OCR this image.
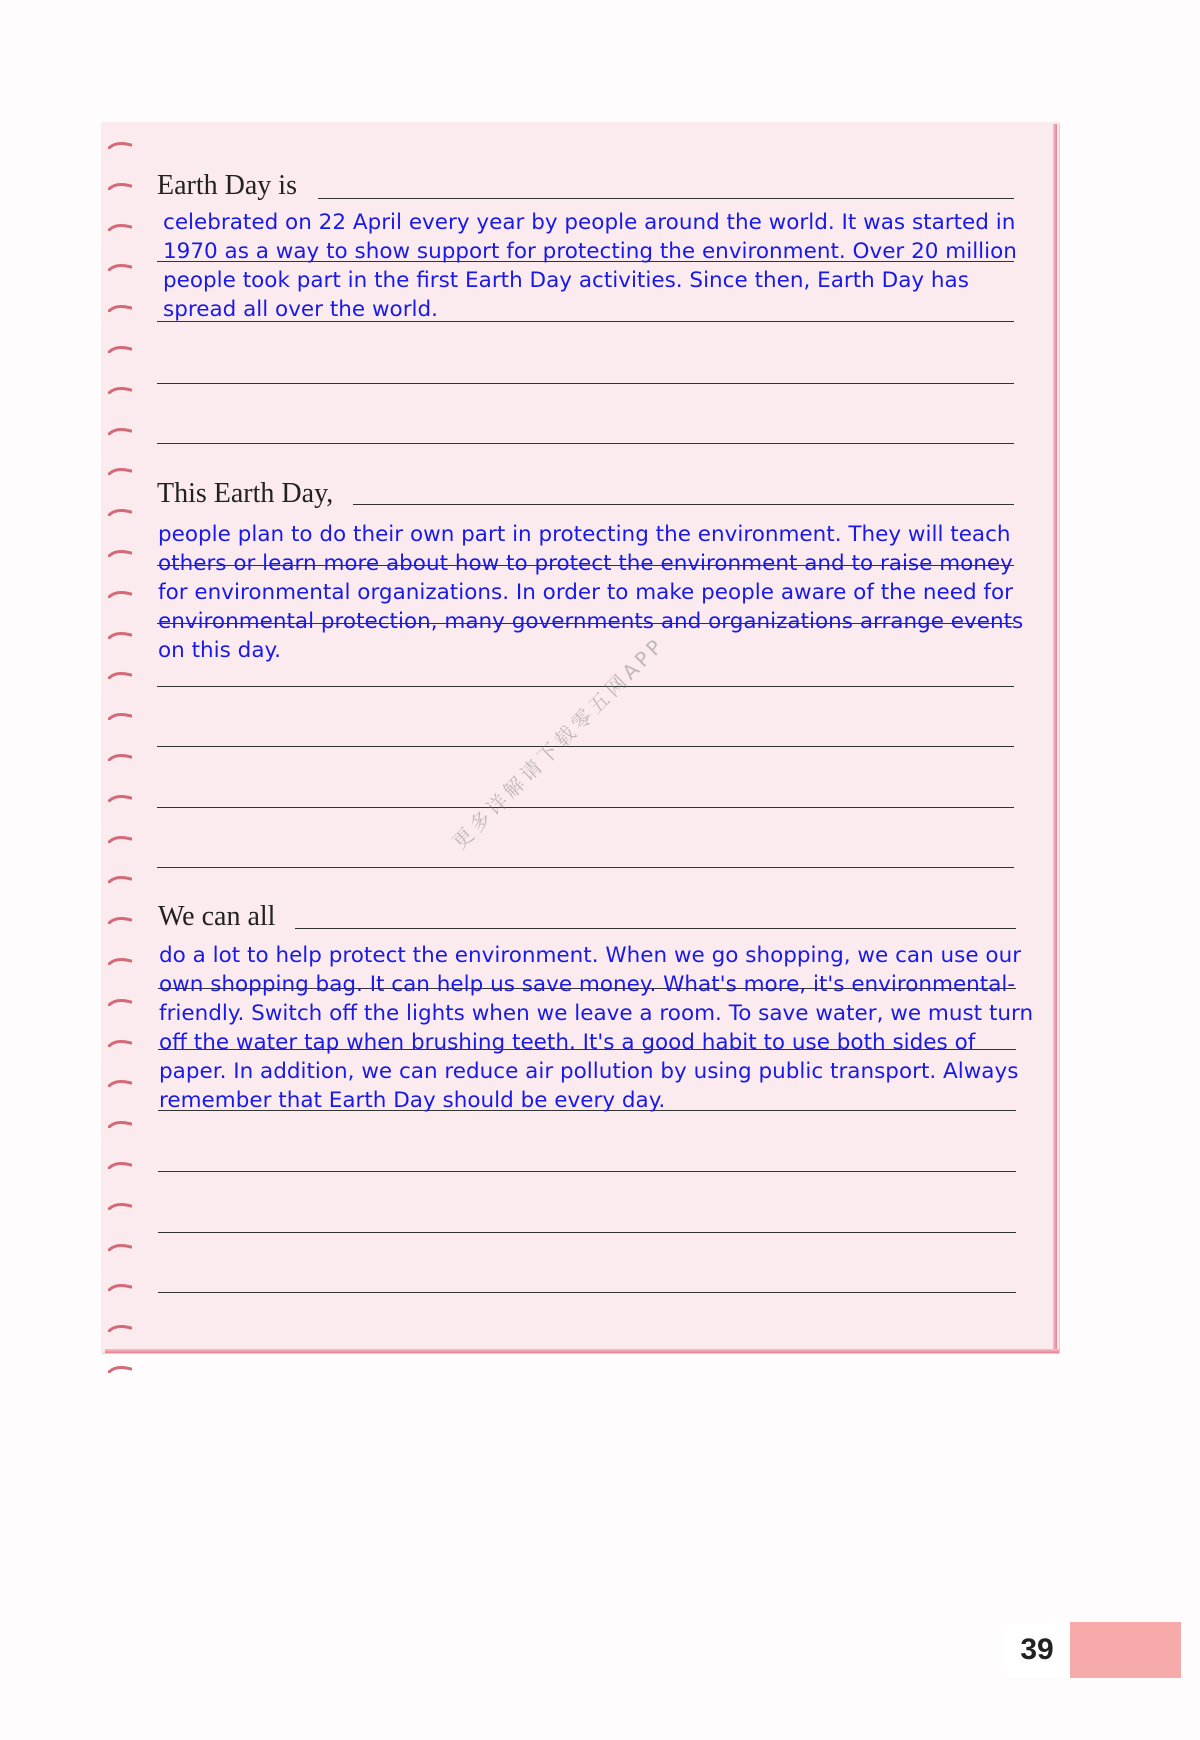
Earth Day is
celebrated on 22 April every year by people around the world. It was started in
1970 as a way to show support for protecting the environment. Over 20 million
people took part in the first Earth Day activities. Since then, Earth Day has
spread all over the world.
This Earth Day,
people plan to do their own part in protecting the environment. They will teach
others or learn more about how to protect the environment and to raise money
for environmental organizations. In order to make people aware of the need for
environmental protection, many governments and organizations arrange events
on this day.
We can all
do a lot to help protect the environment. When we go shopping, we can use our
own shopping bag. It can help us save money. What's more, it's environmental-
friendly. Switch off the lights when we leave a room. To save water, we must turn
off the water tap when brushing teeth. It's a good habit to use both sides of
paper. In addition, we can reduce air pollution by using public transport. Always
remember that Earth Day should be every day.
更多详解请下载零五网APP
39
